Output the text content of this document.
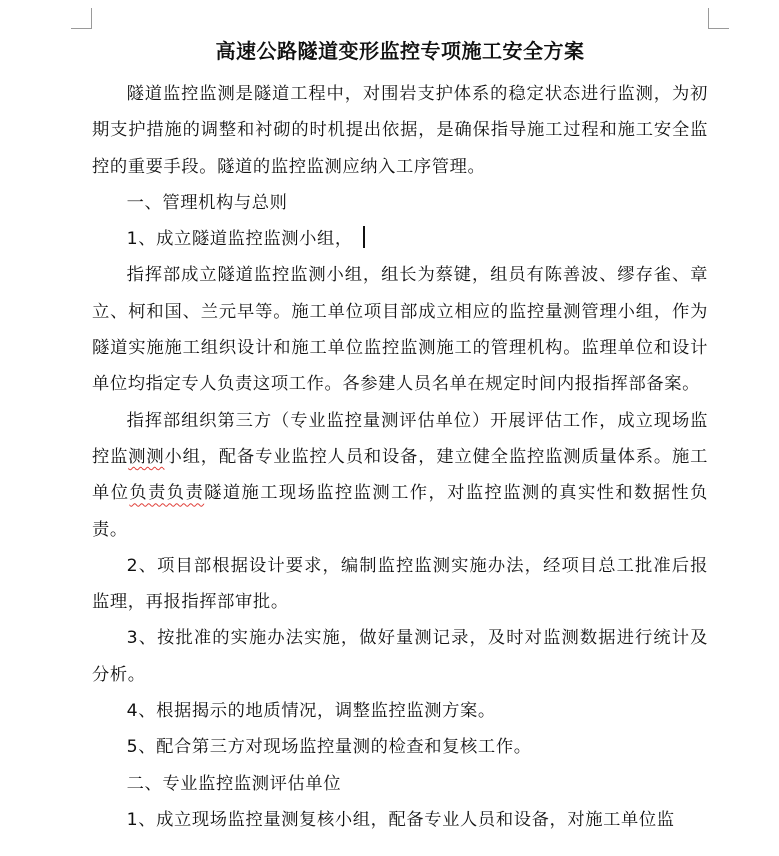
高速公路隧道变形监控专项施工安全方案

隧道监控监测是隧道工程中，对围岩支护体系的稳定状态进行监测，为初期支护措施的调整和衬砌的时机提出依据，是确保指导施工过程和施工安全监控的重要手段。隧道的监控监测应纳入工序管理。

一、管理机构与总则

1、成立隧道监控监测小组，

指挥部成立隧道监控监测小组，组长为蔡键，组员有陈善波、缪存雀、章立、柯和国、兰元早等。施工单位项目部成立相应的监控量测管理小组，作为隧道实施施工组织设计和施工单位监控监测施工的管理机构。监理单位和设计单位均指定专人负责这项工作。各参建人员名单在规定时间内报指挥部备案。

指挥部组织第三方（专业监控量测评估单位）开展评估工作，成立现场监控监测测小组，配备专业监控人员和设备，建立健全监控监测质量体系。施工单位负责负责隧道施工现场监控监测工作，对监控监测的真实性和数据性负责。

2、项目部根据设计要求，编制监控监测实施办法，经项目总工批准后报监理，再报指挥部审批。

3、按批准的实施办法实施，做好量测记录，及时对监测数据进行统计及分析。

4、根据揭示的地质情况，调整监控监测方案。

5、配合第三方对现场监控量测的检查和复核工作。

二、专业监控监测评估单位

1、成立现场监控量测复核小组，配备专业人员和设备，对施工单位监
